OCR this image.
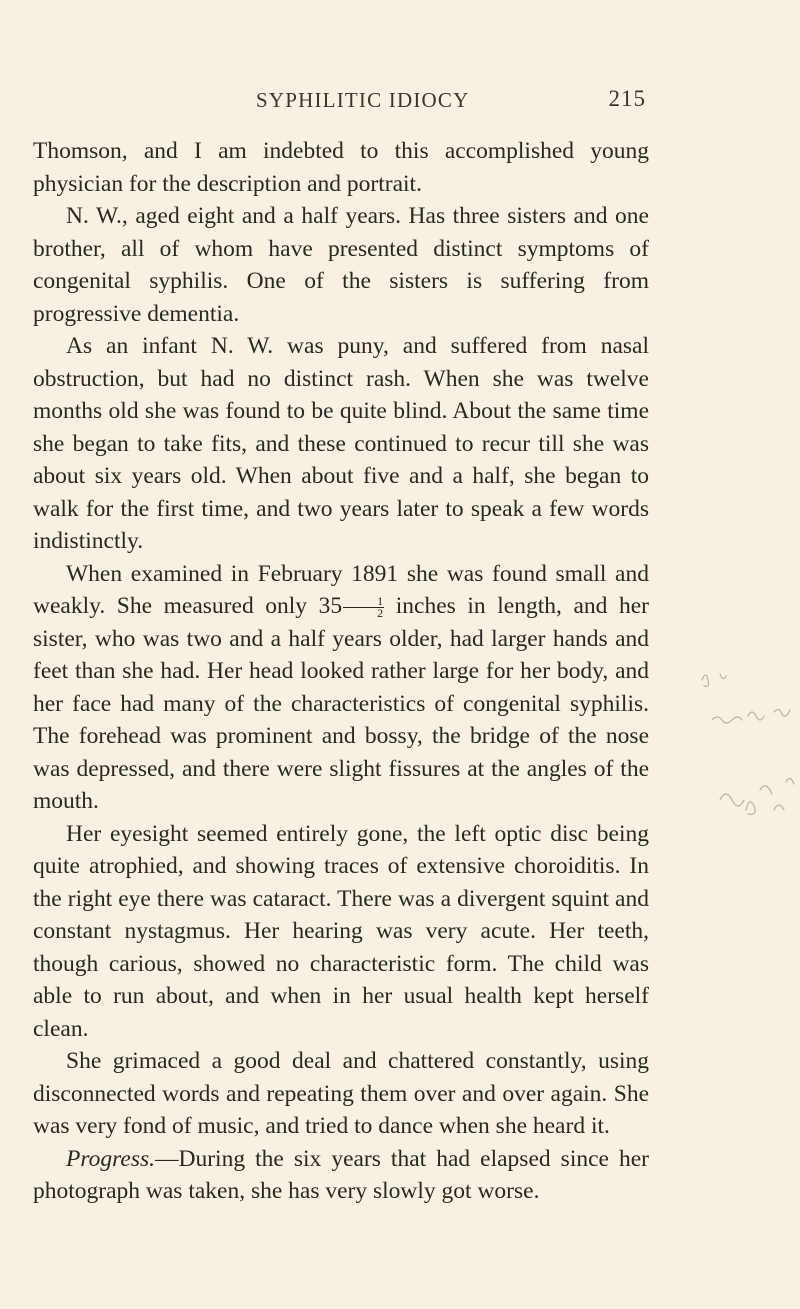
SYPHILITIC IDIOCY	215

Thomson, and I am indebted to this accomplished young physician for the description and portrait.

N. W., aged eight and a half years. Has three sisters and one brother, all of whom have presented distinct symptoms of congenital syphilis. One of the sisters is suffering from progressive dementia.

As an infant N. W. was puny, and suffered from nasal obstruction, but had no distinct rash. When she was twelve months old she was found to be quite blind. About the same time she began to take fits, and these continued to recur till she was about six years old. When about five and a half, she began to walk for the first time, and two years later to speak a few words indistinctly.

When examined in February 1891 she was found small and weakly. She measured only $35 \frac{1}{2}$ inches in length, and her sister, who was two and a half years older, had larger hands and feet than she had. Her head looked rather large for her body, and her face had many of the characteristics of congenital syphilis. The forehead was prominent and bossy, the bridge of the nose was depressed, and there were slight fissures at the angles of the mouth.

Her eyesight seemed entirely gone, the left optic disc being quite atrophied, and showing traces of extensive choroiditis. In the right eye there was cataract. There was a divergent squint and constant nystagmus. Her hearing was very acute. Her teeth, though carious, showed no characteristic form. The child was able to run about, and when in her usual health kept herself clean.

She grimaced a good deal and chattered constantly, using disconnected words and repeating them over and over again. She was very fond of music, and tried to dance when she heard it.

Progress.—During the six years that had elapsed since her photograph was taken, she has very slowly got worse.
